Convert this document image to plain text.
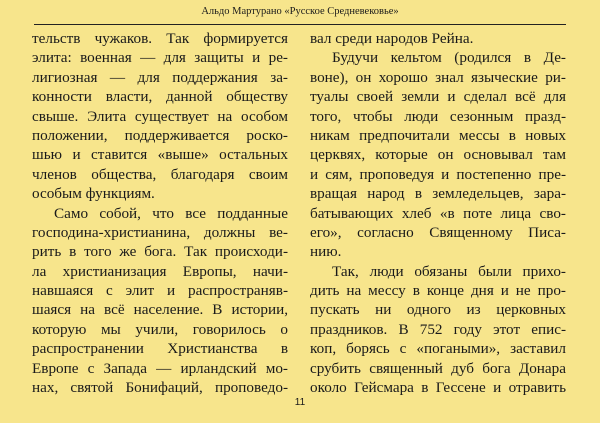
Альдо Мартурано «Русское Средневековье»
тельств чужаков. Так формируется
элита: военная — для защиты и ре-
лигиозная — для поддержания за-
конности власти, данной обществу
свыше. Элита существует на особом
положении, поддерживается роско-
шью и ставится «выше» остальных
членов общества, благодаря своим
особым функциям.
Само собой, что все подданные
господина-христианина, должны ве-
рить в того же бога. Так происходи-
ла христианизация Европы, начи-
навшаяся с элит и распространяв-
шаяся на всё население. В истории,
которую мы учили, говорилось о
распространении Христианства в
Европе с Запада — ирландский мо-
нах, святой Бонифаций, проповедо-
вал среди народов Рейна.
Будучи кельтом (родился в Де-
воне), он хорошо знал языческие ри-
туалы своей земли и сделал всё для
того, чтобы люди сезонным празд-
никам предпочитали мессы в новых
церквях, которые он основывал там
и сям, проповедуя и постепенно пре-
вращая народ в земледельцев, зара-
батывающих хлеб «в поте лица сво-
его», согласно Священному Писа-
нию.
Так, люди обязаны были прихо-
дить на мессу в конце дня и не про-
пускать ни одного из церковных
праздников. В 752 году этот епис-
коп, борясь с «погаными», заставил
срубить священный дуб бога Донара
около Гейсмара в Гессене и отравить
11
